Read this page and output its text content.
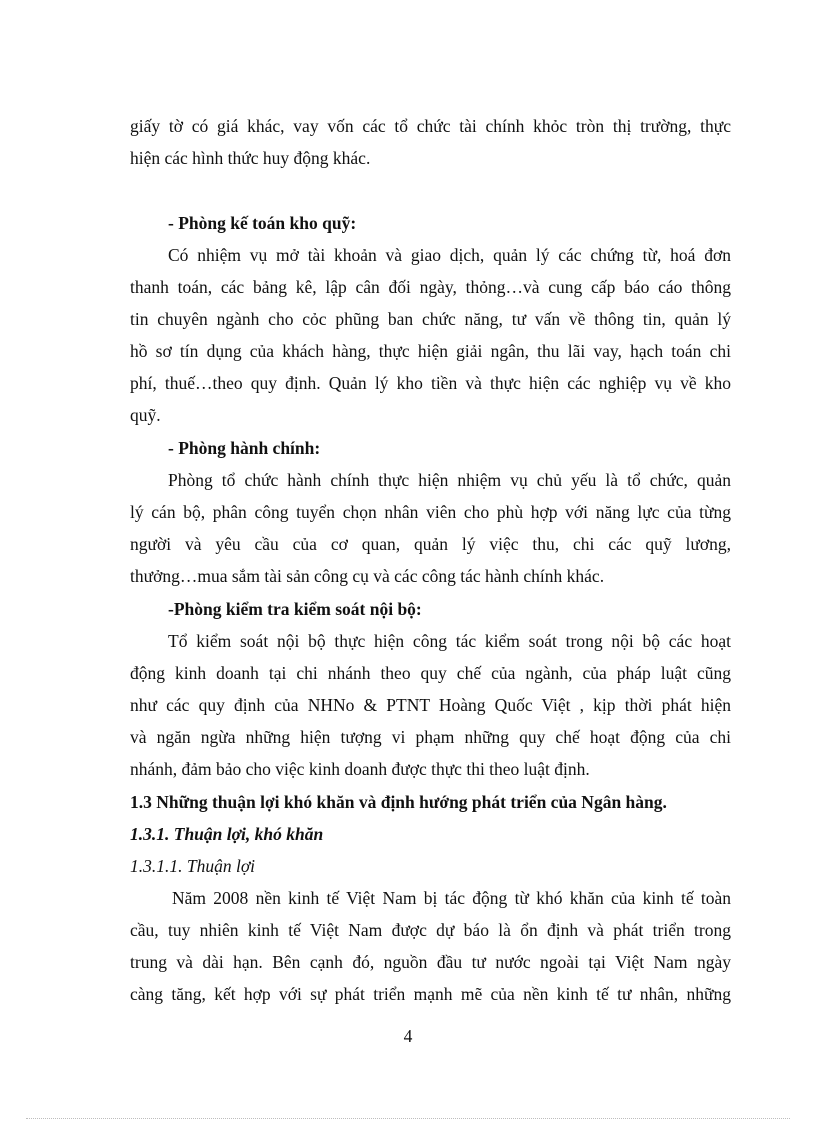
giấy tờ có giá khác, vay vốn các tổ chức tài chính khỏc tròn thị trường, thực
hiện các hình thức huy động khác.
- Phòng kế toán kho quỹ:
Có nhiệm vụ mở tài khoản và giao dịch, quản lý các chứng từ, hoá đơn
thanh toán, các bảng kê, lập cân đối ngày, thỏng…và cung cấp báo cáo thông
tin chuyên ngành cho cỏc phũng ban chức năng, tư vấn về thông tin, quản lý
hồ sơ tín dụng của khách hàng, thực hiện giải ngân, thu lãi vay, hạch toán chi
phí, thuế…theo quy định. Quản lý kho tiền và thực hiện các nghiệp vụ về kho
quỹ.
- Phòng hành chính:
Phòng tổ chức hành chính thực hiện nhiệm vụ chủ yếu là tổ chức, quản
lý cán bộ, phân công tuyển chọn nhân viên cho phù hợp với năng lực của từng
người và yêu cầu của cơ quan, quản lý việc thu, chi các quỹ lương,
thưởng…mua sắm tài sản công cụ và các công tác hành chính khác.
-Phòng kiểm tra kiểm soát nội bộ:
Tổ kiểm soát nội bộ thực hiện công tác kiểm soát trong nội bộ các hoạt
động kinh doanh tại chi nhánh theo quy chế của ngành, của pháp luật cũng
như các quy định của NHNo & PTNT Hoàng Quốc Việt , kịp thời phát hiện
và ngăn ngừa những hiện tượng vi phạm những quy chế hoạt động của chi
nhánh, đảm bảo cho việc kinh doanh được thực thi theo luật định.
1.3 Những thuận lợi khó khăn và định hướng phát triển của Ngân hàng.
1.3.1. Thuận lợi, khó khăn
1.3.1.1. Thuận lợi
Năm 2008 nền kinh tế Việt Nam bị tác động từ khó khăn của kinh tế toàn
cầu, tuy nhiên kinh tế Việt Nam được dự báo là ổn định và phát triển trong
trung và dài hạn. Bên cạnh đó, nguồn đầu tư nước ngoài tại Việt Nam ngày
càng tăng, kết hợp với sự phát triển mạnh mẽ của nền kinh tế tư nhân, những
4
